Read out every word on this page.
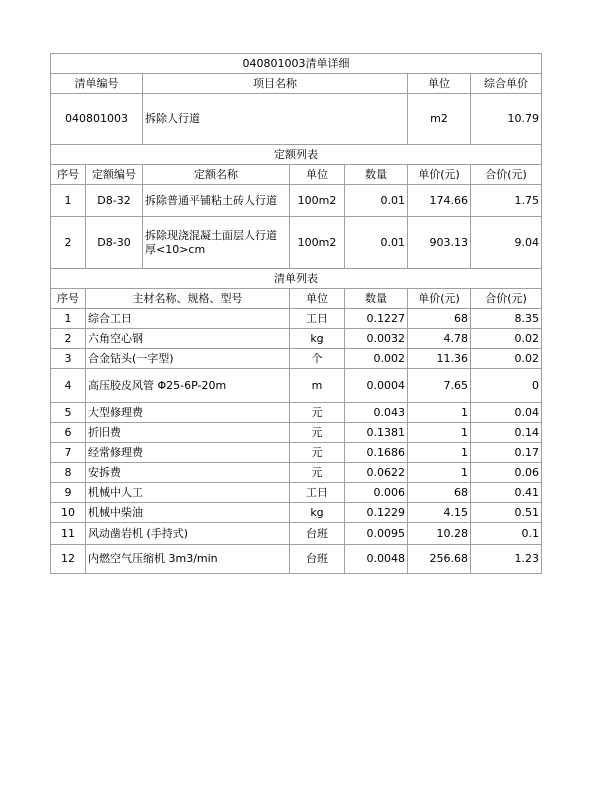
040801003清单详细						
清单编号		项目名称			单位	综合单价
040801003		拆除人行道			m2	10.79
定额列表						
序号	定额编号	定额名称	单位	数量	单价(元)	合价(元)
1	D8-32	拆除普通平铺粘土砖人行道	100m2	0.01	174.66	1.75
2	D8-30	拆除现浇混凝土面层人行道厚<10>cm	100m2	0.01	903.13	9.04
清单列表						
序号	主材名称、规格、型号		单位	数量	单价(元)	合价(元)
1	综合工日		工日	0.1227	68	8.35
2	六角空心钢		kg	0.0032	4.78	0.02
3	合金钻头(一字型)		个	0.002	11.36	0.02
4	高压胶皮风管 Φ25-6P-20m		m	0.0004	7.65	0
5	大型修理费		元	0.043	1	0.04
6	折旧费		元	0.1381	1	0.14
7	经常修理费		元	0.1686	1	0.17
8	安拆费		元	0.0622	1	0.06
9	机械中人工		工日	0.006	68	0.41
10	机械中柴油		kg	0.1229	4.15	0.51
11	风动凿岩机 (手持式)		台班	0.0095	10.28	0.1
12	内燃空气压缩机 3m3/min		台班	0.0048	256.68	1.23
